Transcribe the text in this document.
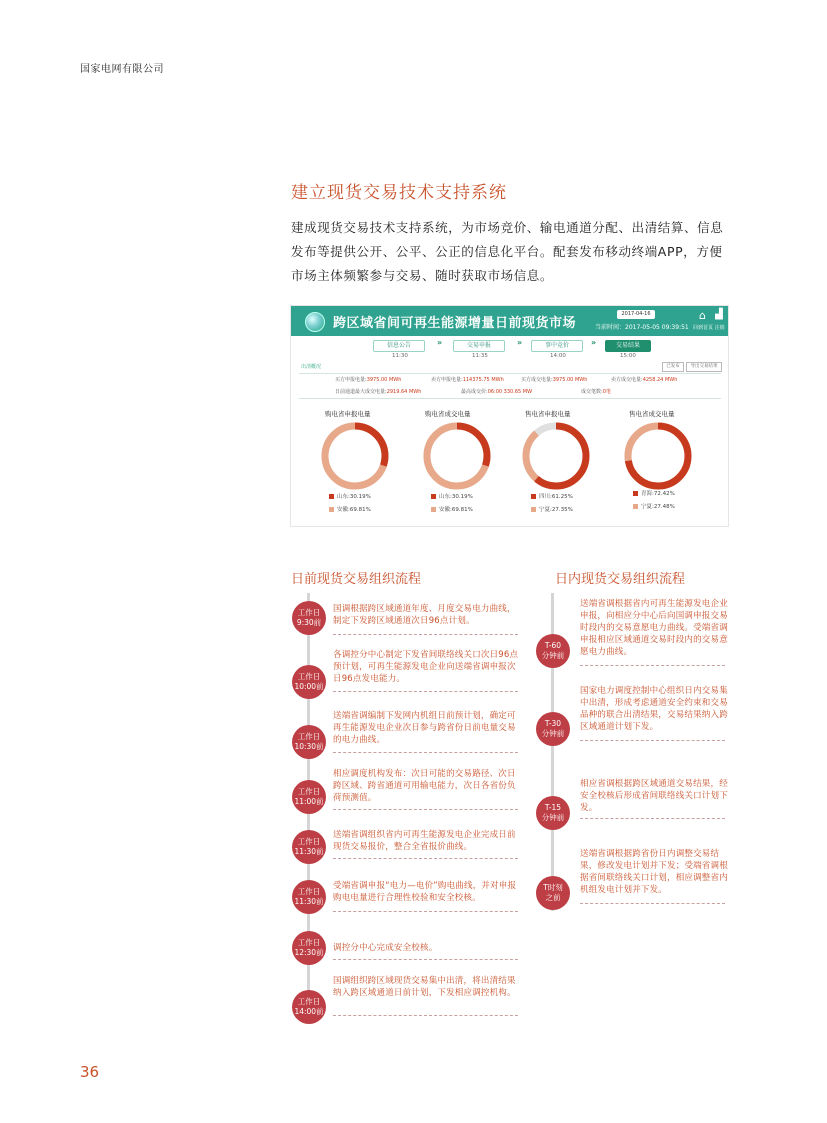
国家电网有限公司
建立现货交易技术支持系统
建成现货交易技术支持系统，为市场竞价、输电通道分配、出清结算、信息发布等提供公开、公平、公正的信息化平台。配套发布移动终端APP，方便市场主体频繁参与交易、随时获取市场信息。
跨区域省间可再生能源增量日前现货市场
2017-04-16
当前时间：2017-05-05 09:39:51
⌂ ▟
回到首页 注销
信息公告	»	交易申报	»	事中竞价	»	交易结果
11:30	11:35	14:00	15:00
出清概况	已发布	导出交易结果
买方申报电量:3975.00 MWh	卖方申报电量:114375.75 MWh	买方成交电量:3975.00 MWh	卖方成交电量:4258.24 MWh
日前通道最大成交电量:2919.64 MWh	最高成交价:06:00 330.65 MW	成交笔数:0笔
购电省申报电量	购电省成交电量	售电省申报电量	售电省成交电量
山东:30.19%
安徽:69.81%
山东:30.19%
安徽:69.81%
四川:61.25%
宁夏:27.35%
青海:72.42%
宁夏:27.48%
日前现货交易组织流程
工作日
9:30前
国调根据跨区域通道年度、月度交易电力曲线，制定下发跨区域通道次日96点计划。
工作日
10:00前
各调控分中心制定下发省间联络线关口次日96点预计划，可再生能源发电企业向送端省调申报次日96点发电能力。
工作日
10:30前
送端省调编制下发网内机组日前预计划，确定可再生能源发电企业次日参与跨省份日前电量交易的电力曲线。
工作日
11:00前
相应调度机构发布：次日可能的交易路径、次日跨区域、跨省通道可用输电能力，次日各省份负荷预测值。
工作日
11:30前
送端省调组织省内可再生能源发电企业完成日前现货交易报价，整合全省报价曲线。
工作日
11:30前
受端省调申报“电力—电价”购电曲线，并对申报购电电量进行合理性校验和安全校核。
工作日
12:30前 调控分中心完成安全校核。
工作日
14:00前
国调组织跨区域现货交易集中出清，将出清结果纳入跨区域通道日前计划，下发相应调控机构。
日内现货交易组织流程
T-60
分钟前
送端省调根据省内可再生能源发电企业申报，向相应分中心后向国调申报交易时段内的交易意愿电力曲线。受端省调申报相应区域通道交易时段内的交易意愿电力曲线。
T-30
分钟前
国家电力调度控制中心组织日内交易集中出清，形成考虑通道安全约束和交易品种的联合出清结果，交易结果纳入跨区域通道计划下发。
T-15
分钟前
相应省调根据跨区域通道交易结果，经安全校核后形成省间联络线关口计划下发。
T时刻
之前
送端省调根据跨省份日内调整交易结果，修改发电计划并下发；受端省调根据省间联络线关口计划，相应调整省内机组发电计划并下发。
36
